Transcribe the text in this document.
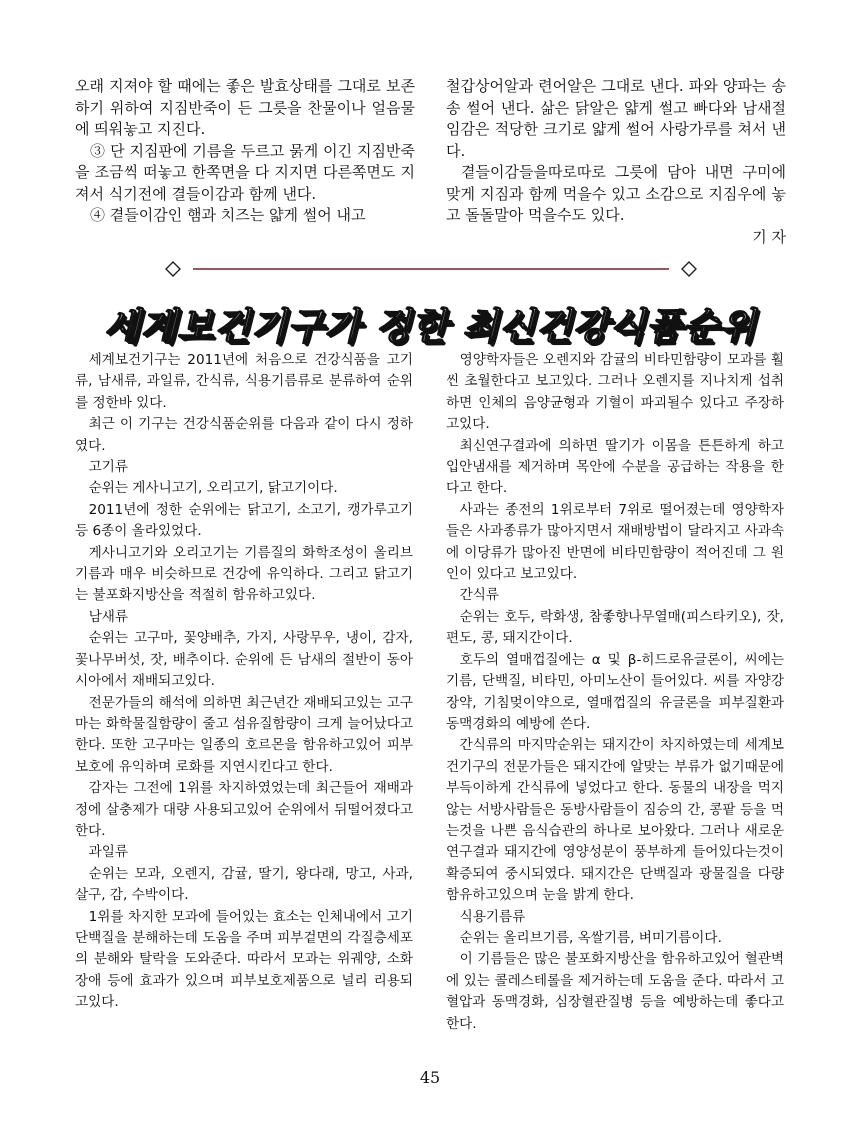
오래 지져야 할 때에는 좋은 발효상태를 그대로 보존하기 위하여 지짐반죽이 든 그릇을 찬물이나 얼음물에 띄워놓고 지진다.

③ 단 지짐판에 기름을 두르고 묽게 이긴 지짐반죽을 조금씩 떠놓고 한쪽면을 다 지지면 다른쪽면도 지져서 식기전에 결들이감과 함께 낸다.

④ 곁들이감인 햄과 치즈는 얇게 썰어 내고

철갑상어알과 련어알은 그대로 낸다. 파와 양파는 송송 썰어 낸다. 삶은 닭알은 얇게 썰고 빠다와 남새절임감은 적당한 크기로 얇게 썰어 사랑가루를 쳐서 낸다.

곁들이감들을따로따로 그릇에 담아 내면 구미에 맞게 지짐과 함께 먹을수 있고 소감으로 지짐우에 놓고 돌돌말아 먹을수도 있다.

기 자

세계보건기구가 정한 최신건강식품순위

세계보건기구는 2011년에 처음으로 건강식품을 고기류, 남새류, 과일류, 간식류, 식용기름류로 분류하여 순위를 정한바 있다.

최근 이 기구는 건강식품순위를 다음과 같이 다시 정하였다.

고기류

순위는 게사니고기, 오리고기, 닭고기이다.

2011년에 정한 순위에는 닭고기, 소고기, 캥가루고기 등 6종이 올라있었다.

게사니고기와 오리고기는 기름질의 화학조성이 올리브기름과 매우 비슷하므로 건강에 유익하다. 그리고 닭고기는 불포화지방산을 적절히 함유하고있다.

남새류

순위는 고구마, 꽃양배추, 가지, 사랑무우, 냉이, 감자, 꽃나무버섯, 잣, 배추이다. 순위에 든 남새의 절반이 동아시아에서 재배되고있다.

전문가들의 해석에 의하면 최근년간 재배되고있는 고구마는 화학물질함량이 줄고 섬유질함량이 크게 늘어났다고 한다. 또한 고구마는 일종의 호르몬을 함유하고있어 피부보호에 유익하며 로화를 지연시킨다고 한다.

감자는 그전에 1위를 차지하였었는데 최근들어 재배과정에 살충제가 대량 사용되고있어 순위에서 뒤떨어졌다고 한다.

과일류

순위는 모과, 오렌지, 감귤, 딸기, 왕다래, 망고, 사과, 살구, 감, 수박이다.

1위를 차지한 모과에 들어있는 효소는 인체내에서 고기단백질을 분해하는데 도움을 주며 피부겉면의 각질층세포의 분해와 탈락을 도와준다. 따라서 모과는 위궤양, 소화장애 등에 효과가 있으며 피부보호제품으로 널리 리용되고있다.

영양학자들은 오렌지와 감귤의 비타민함량이 모과를 훨씬 초월한다고 보고있다. 그러나 오렌지를 지나치게 섭취하면 인체의 음양균형과 기혈이 파괴될수 있다고 주장하고있다.

최신연구결과에 의하면 딸기가 이몸을 튼튼하게 하고 입안냄새를 제거하며 목안에 수분을 공급하는 작용을 한다고 한다.

사과는 종전의 1위로부터 7위로 떨어졌는데 영양학자들은 사과종류가 많아지면서 재배방법이 달라지고 사과속에 이당류가 많아진 반면에 비타민함량이 적어진데 그 원인이 있다고 보고있다.

간식류

순위는 호두, 락화생, 참좋향나무열매(피스타키오), 잣, 편도, 콩, 돼지간이다.

호두의 열매껍질에는 α 및 β-히드로유글론이, 씨에는 기름, 단백질, 비타민, 아미노산이 들어있다. 씨를 자양강장약, 기침멎이약으로, 열매껍질의 유글론을 피부질환과 동맥경화의 예방에 쓴다.

간식류의 마지막순위는 돼지간이 차지하였는데 세계보건기구의 전문가들은 돼지간에 알맞는 부류가 없기때문에 부득이하게 간식류에 넣었다고 한다. 동물의 내장을 먹지 않는 서방사람들은 동방사람들이 짐승의 간, 콩팥 등을 먹는것을 나쁜 음식습관의 하나로 보아왔다. 그러나 새로운 연구결과 돼지간에 영양성분이 풍부하게 들어있다는것이 확증되여 중시되였다. 돼지간은 단백질과 광물질을 다량 함유하고있으며 눈을 밝게 한다.

식용기름류

순위는 올리브기름, 옥쌀기름, 벼미기름이다.

이 기름들은 많은 불포화지방산을 함유하고있어 혈관벽에 있는 콜레스테롤을 제거하는데 도움을 준다. 따라서 고혈압과 동맥경화, 심장혈관질병 등을 예방하는데 좋다고 한다.

45
